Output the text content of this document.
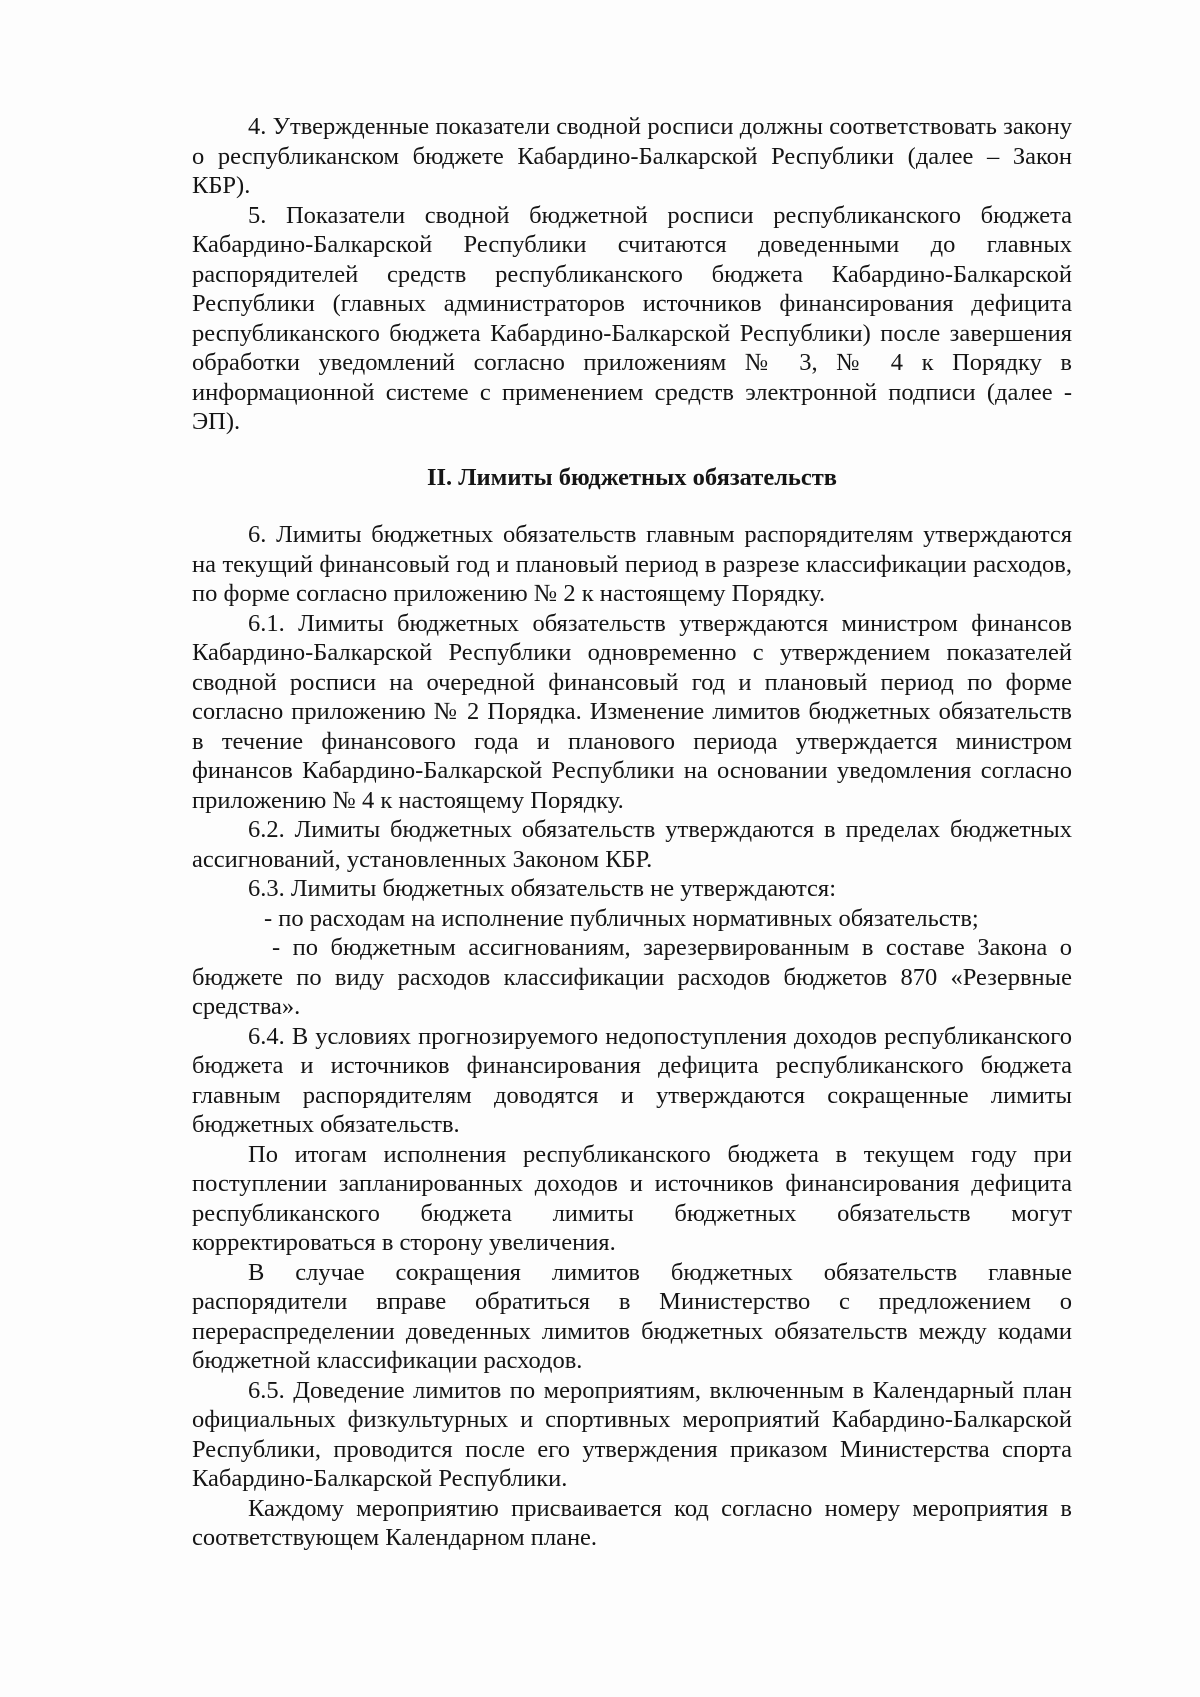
4. Утвержденные показатели сводной росписи должны соответствовать закону о республиканском бюджете Кабардино-Балкарской Республики (далее – Закон КБР).

5. Показатели сводной бюджетной росписи республиканского бюджета Кабардино-Балкарской Республики считаются доведенными до главных распорядителей средств республиканского бюджета Кабардино-Балкарской Республики (главных администраторов источников финансирования дефицита республиканского бюджета Кабардино-Балкарской Республики) после завершения обработки уведомлений согласно приложениям № 3, № 4 к Порядку в информационной системе с применением средств электронной подписи (далее - ЭП).

II. Лимиты бюджетных обязательств

6. Лимиты бюджетных обязательств главным распорядителям утверждаются на текущий финансовый год и плановый период в разрезе классификации расходов, по форме согласно приложению № 2 к настоящему Порядку.

6.1. Лимиты бюджетных обязательств утверждаются министром финансов Кабардино-Балкарской Республики одновременно с утверждением показателей сводной росписи на очередной финансовый год и плановый период по форме согласно приложению № 2 Порядка. Изменение лимитов бюджетных обязательств в течение финансового года и планового периода утверждается министром финансов Кабардино-Балкарской Республики на основании уведомления согласно приложению № 4 к настоящему Порядку.

6.2. Лимиты бюджетных обязательств утверждаются в пределах бюджетных ассигнований, установленных Законом КБР.

6.3. Лимиты бюджетных обязательств не утверждаются:

- по расходам на исполнение публичных нормативных обязательств;

- по бюджетным ассигнованиям, зарезервированным в составе Закона о бюджете по виду расходов классификации расходов бюджетов 870 «Резервные средства».

6.4. В условиях прогнозируемого недопоступления доходов республиканского бюджета и источников финансирования дефицита республиканского бюджета главным распорядителям доводятся и утверждаются сокращенные лимиты бюджетных обязательств.

По итогам исполнения республиканского бюджета в текущем году при поступлении запланированных доходов и источников финансирования дефицита республиканского бюджета лимиты бюджетных обязательств могут корректироваться в сторону увеличения.

В случае сокращения лимитов бюджетных обязательств главные распорядители вправе обратиться в Министерство с предложением о перераспределении доведенных лимитов бюджетных обязательств между кодами бюджетной классификации расходов.

6.5. Доведение лимитов по мероприятиям, включенным в Календарный план официальных физкультурных и спортивных мероприятий Кабардино-Балкарской Республики, проводится после его утверждения приказом Министерства спорта Кабардино-Балкарской Республики.

Каждому мероприятию присваивается код согласно номеру мероприятия в соответствующем Календарном плане.
